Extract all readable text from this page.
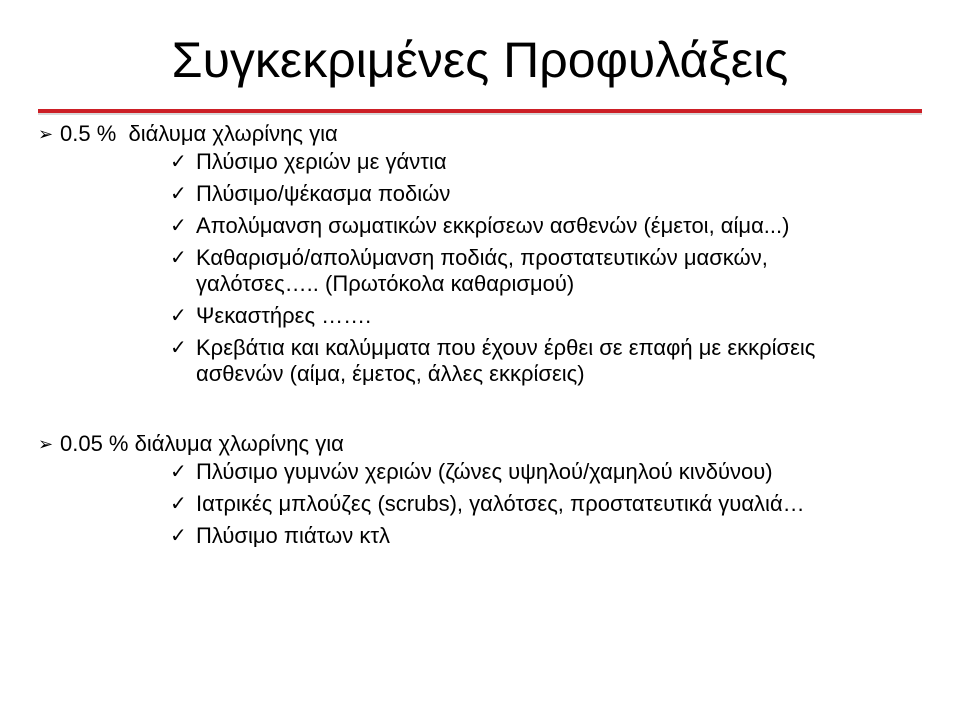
Συγκεκριμένες Προφυλάξεις
➢ 0.5 %  διάλυμα χλωρίνης για
✓ Πλύσιμο χεριών με γάντια
✓ Πλύσιμο/ψέκασμα ποδιών
✓ Απολύμανση σωματικών εκκρίσεων ασθενών (έμετοι, αίμα...)
✓ Καθαρισμό/απολύμανση ποδιάς, προστατευτικών μασκών, γαλότσες….. (Πρωτόκολα καθαρισμού)
✓ Ψεκαστήρες …….
✓ Κρεβάτια και καλύμματα που έχουν έρθει σε επαφή με εκκρίσεις ασθενών (αίμα, έμετος, άλλες εκκρίσεις)
➢ 0.05 % διάλυμα χλωρίνης για
✓ Πλύσιμο γυμνών χεριών (ζώνες υψηλού/χαμηλού κινδύνου)
✓ Ιατρικές μπλούζες (scrubs), γαλότσες, προστατευτικά γυαλιά…
✓ Πλύσιμο πιάτων κτλ
